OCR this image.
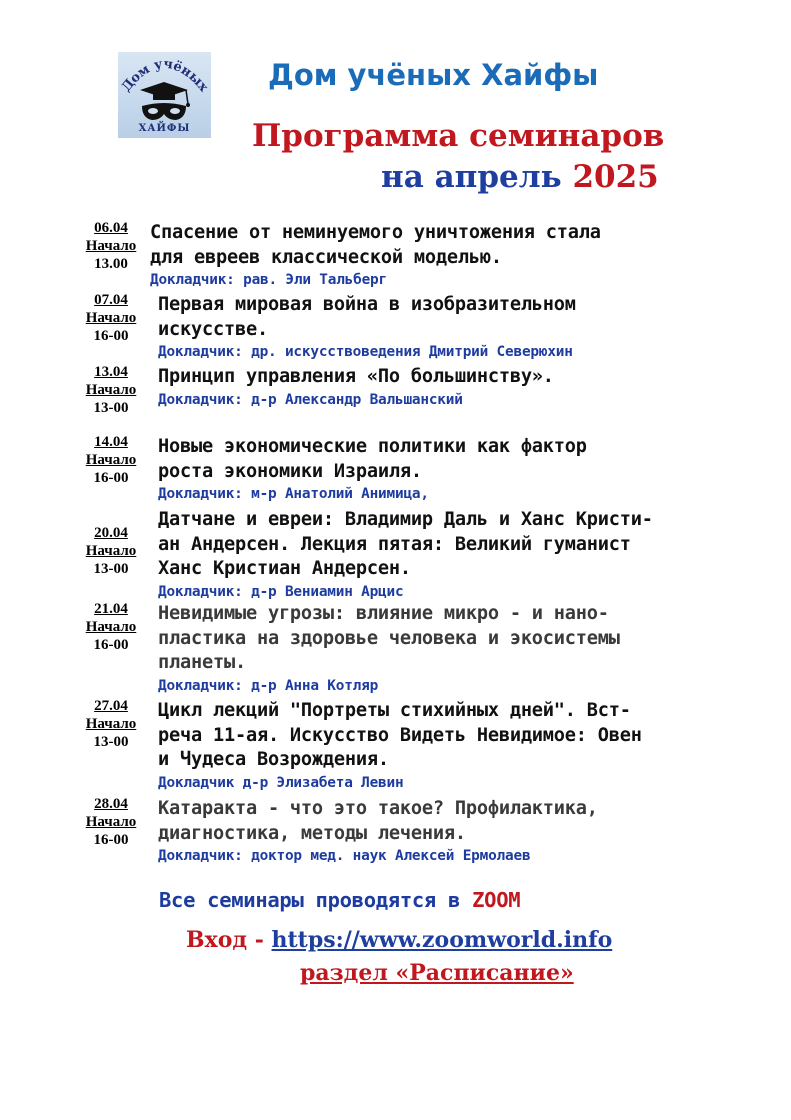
Дом учёных
ХАЙФЫ
Дом учёных Хайфы
Программа семинаров
на апрель 2025
06.04
Начало
13.00
Спасение от неминуемого уничтожения стала
для евреев классической моделью.
Докладчик: рав. Эли Тальберг
07.04
Начало
16-00
Первая мировая война в изобразительном
искусстве.
Докладчик: др. искусствоведения Дмитрий Северюхин
13.04
Начало
13-00
Принцип управления «По большинству».
Докладчик: д-р Александр Вальшанский
14.04
Начало
16-00
Новые экономические политики как фактор
роста экономики Израиля.
Докладчик: м-р Анатолий Анимица,
20.04
Начало
13-00
Датчане и евреи: Владимир Даль и Ханс Кристи-
ан Андерсен. Лекция пятая: Великий гуманист
Ханс Кристиан Андерсен.
Докладчик: д-р Вениамин Арцис
21.04
Начало
16-00
Невидимые угрозы: влияние микро - и нано-
пластика на здоровье человека и экосистемы
планеты.
Докладчик: д-р Анна Котляр
27.04
Начало
13-00
Цикл лекций "Портреты стихийных дней". Вст-
реча 11-ая. Искусство Видеть Невидимое: Овен
и Чудеса Возрождения.
Докладчик д-р Элизабета Левин
28.04
Начало
16-00
Катаракта - что это такое? Профилактика,
диагностика, методы лечения.
Докладчик: доктор мед. наук Алексей Ермолаев

Все семинары проводятся в ZOOM

Вход - https://www.zoomworld.info

раздел «Расписание»
